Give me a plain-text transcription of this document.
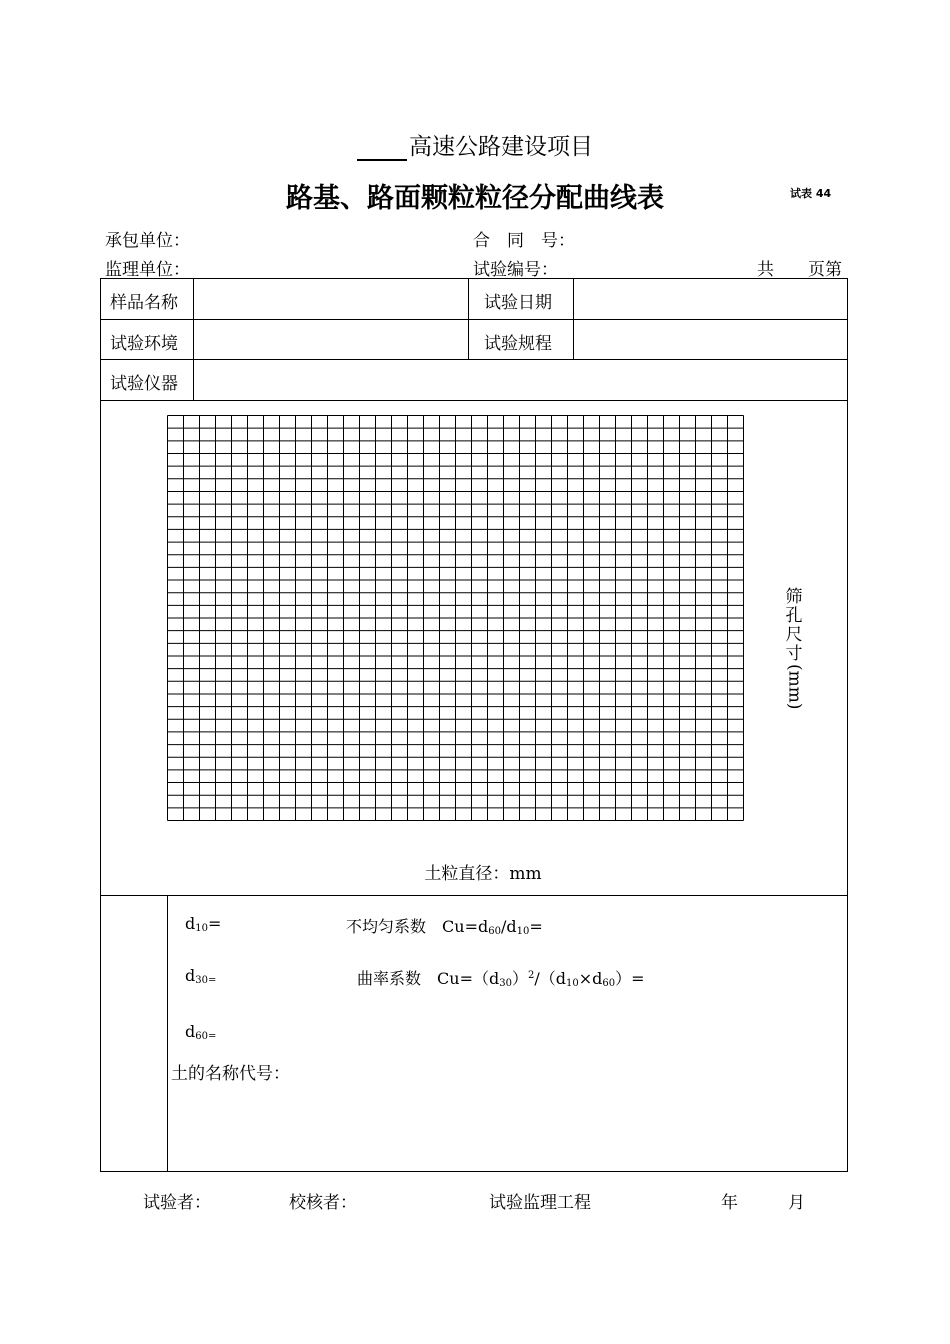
高速公路建设项目
路基、路面颗粒粒径分配曲线表	试表 44
承包单位：	合　同　号：
监理单位：	试验编号：	共　　页第
样品名称	试验日期
试验环境	试验规程
试验仪器
土粒直径：mm
$d_{10}=$	不均匀系数　 $Cu=d_{60}/d_{10}=$
$d_{30=}$	曲率系数　 $Cu=(d_{30})^2/(d_{10}\times d_{60})=$
$d_{60=}$
土的名称代号：
筛
孔
尺
寸
(mm)
试验者：	校核者：	试验监理工程	年	月
